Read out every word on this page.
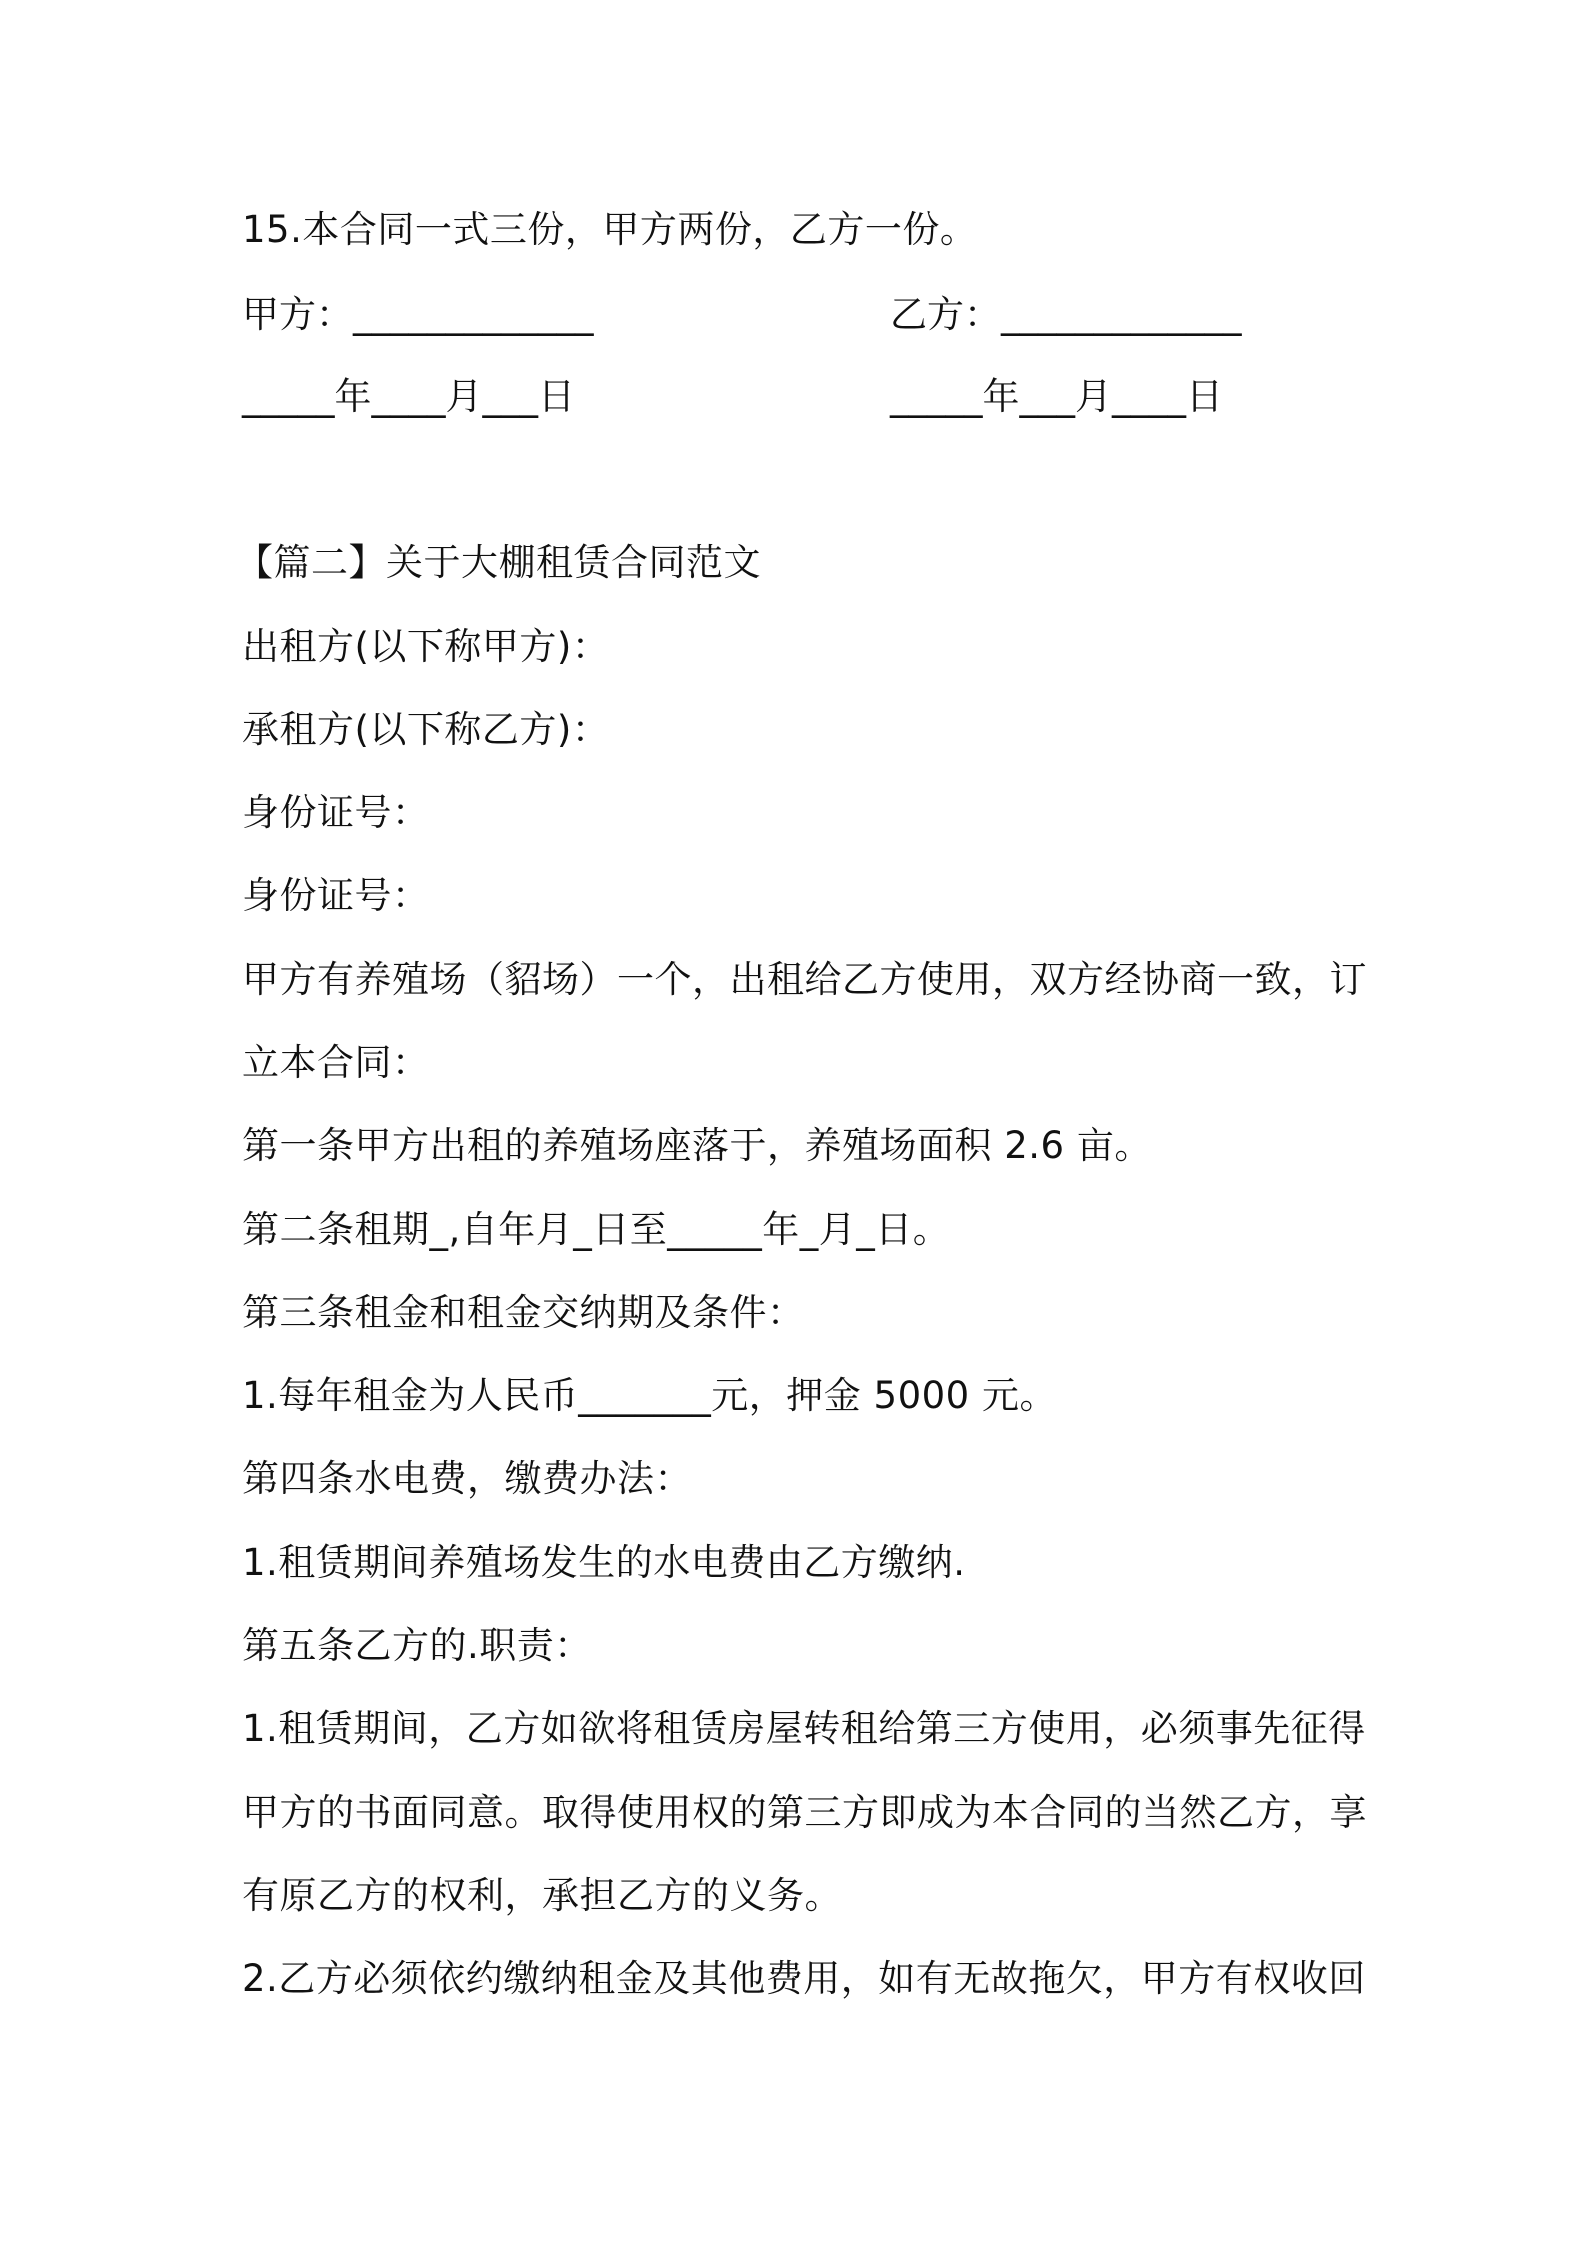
15.本合同一式三份，甲方两份，乙方一份。
甲方：_____________	乙方：_____________
_____年____月___日	_____年___月____日
【篇二】关于大棚租赁合同范文
出租方(以下称甲方)：
承租方(以下称乙方)：
身份证号：
身份证号：
甲方有养殖场（貂场）一个，出租给乙方使用，双方经协商一致，订
立本合同：
第一条甲方出租的养殖场座落于，养殖场面积 2.6 亩。
第二条租期_,自年月_日至_____年_月_日。
第三条租金和租金交纳期及条件：
1.每年租金为人民币_______元，押金 5000 元。
第四条水电费，缴费办法：
1.租赁期间养殖场发生的水电费由乙方缴纳.
第五条乙方的.职责：
1.租赁期间，乙方如欲将租赁房屋转租给第三方使用，必须事先征得
甲方的书面同意。取得使用权的第三方即成为本合同的当然乙方，享
有原乙方的权利，承担乙方的义务。
2.乙方必须依约缴纳租金及其他费用，如有无故拖欠，甲方有权收回
